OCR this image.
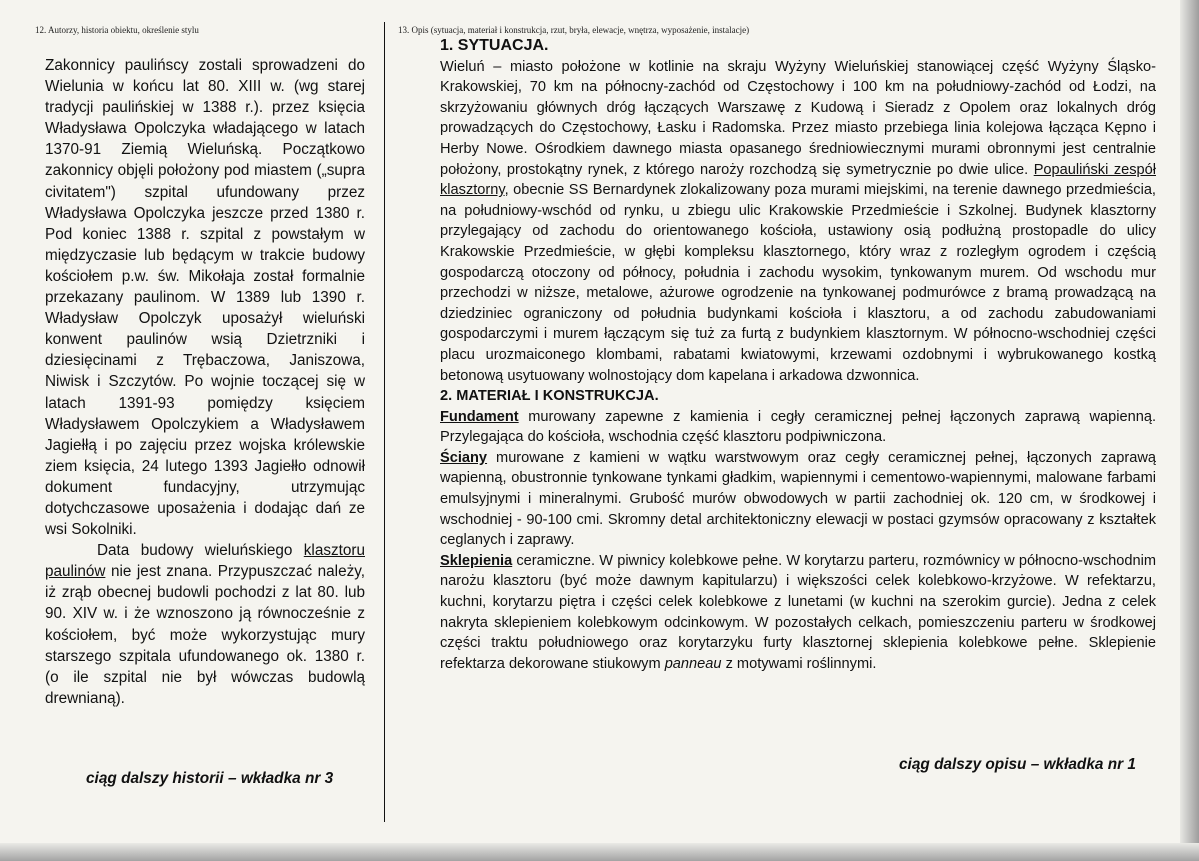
12. Autorzy, historia obiektu, określenie stylu	13. Opis (sytuacja, materiał i konstrukcja, rzut, bryła, elewacje, wnętrza, wyposażenie, instalacje)

Zakonnicy paulińscy zostali sprowadzeni do Wielunia w końcu lat 80. XIII w. (wg starej tradycji paulińskiej w 1388 r.). przez księcia Władysława Opolczyka władającego w latach 1370-91 Ziemią Wieluńską. Początkowo zakonnicy objęli położony pod miastem („supra civitatem") szpital ufundowany przez Władysława Opolczyka jeszcze przed 1380 r. Pod koniec 1388 r. szpital z powstałym w międzyczasie lub będącym w trakcie budowy kościołem p.w. św. Mikołaja został formalnie przekazany paulinom. W 1389 lub 1390 r. Władysław Opolczyk uposażył wieluński konwent paulinów wsią Dzietrzniki i dziesięcinami z Trębaczowa, Janiszowa, Niwisk i Szczytów. Po wojnie toczącej się w latach 1391-93 pomiędzy księciem Władysławem Opolczykiem a Władysławem Jagiełłą i po zajęciu przez wojska królewskie ziem księcia, 24 lutego 1393 Jagiełło odnowił dokument fundacyjny, utrzymując dotychczasowe uposażenia i dodając dań ze wsi Sokolniki.

Data budowy wieluńskiego klasztoru paulinów nie jest znana. Przypuszczać należy, iż zrąb obecnej budowli pochodzi z lat 80. lub 90. XIV w. i że wznoszono ją równocześnie z kościołem, być może wykorzystując mury starszego szpitala ufundowanego ok. 1380 r. (o ile szpital nie był wówczas budowlą drewnianą).

ciąg dalszy historii – wkładka nr 3

1. SYTUACJA.

Wieluń – miasto położone w kotlinie na skraju Wyżyny Wieluńskiej stanowiącej część Wyżyny Śląsko-Krakowskiej, 70 km na północny-zachód od Częstochowy i 100 km na południowy-zachód od Łodzi, na skrzyżowaniu głównych dróg łączących Warszawę z Kudową i Sieradz z Opolem oraz lokalnych dróg prowadzących do Częstochowy, Łasku i Radomska. Przez miasto przebiega linia kolejowa łącząca Kępno i Herby Nowe. Ośrodkiem dawnego miasta opasanego średniowiecznymi murami obronnymi jest centralnie położony, prostokątny rynek, z którego naroży rozchodzą się symetrycznie po dwie ulice. Popauliński zespół klasztorny, obecnie SS Bernardynek zlokalizowany poza murami miejskimi, na terenie dawnego przedmieścia, na południowy-wschód od rynku, u zbiegu ulic Krakowskie Przedmieście i Szkolnej. Budynek klasztorny przylegający od zachodu do orientowanego kościoła, ustawiony osią podłużną prostopadle do ulicy Krakowskie Przedmieście, w głębi kompleksu klasztornego, który wraz z rozległym ogrodem i częścią gospodarczą otoczony od północy, południa i zachodu wysokim, tynkowanym murem. Od wschodu mur przechodzi w niższe, metalowe, ażurowe ogrodzenie na tynkowanej podmurówce z bramą prowadzącą na dziedziniec ograniczony od południa budynkami kościoła i klasztoru, a od zachodu zabudowaniami gospodarczymi i murem łączącym się tuż za furtą z budynkiem klasztornym. W północno-wschodniej części placu urozmaiconego klombami, rabatami kwiatowymi, krzewami ozdobnymi i wybrukowanego kostką betonową usytuowany wolnostojący dom kapelana i arkadowa dzwonnica.

2. MATERIAŁ I KONSTRUKCJA.

Fundament murowany zapewne z kamienia i cegły ceramicznej pełnej łączonych zaprawą wapienną. Przylegająca do kościoła, wschodnia część klasztoru podpiwniczona.

Ściany murowane z kamieni w wątku warstwowym oraz cegły ceramicznej pełnej, łączonych zaprawą wapienną, obustronnie tynkowane tynkami gładkim, wapiennymi i cementowo-wapiennymi, malowane farbami emulsyjnymi i mineralnymi. Grubość murów obwodowych w partii zachodniej ok. 120 cm, w środkowej i wschodniej - 90-100 cmi. Skromny detal architektoniczny elewacji w postaci gzymsów opracowany z kształtek ceglanych i zaprawy.

Sklepienia ceramiczne. W piwnicy kolebkowe pełne. W korytarzu parteru, rozmównicy w północno-wschodnim narożu klasztoru (być może dawnym kapitularzu) i większości celek kolebkowo-krzyżowe. W refektarzu, kuchni, korytarzu piętra i części celek kolebkowe z lunetami (w kuchni na szerokim gurcie). Jedna z celek nakryta sklepieniem kolebkowym odcinkowym. W pozostałych celkach, pomieszczeniu parteru w środkowej części traktu południowego oraz korytarzyku furty klasztornej sklepienia kolebkowe pełne. Sklepienie refektarza dekorowane stiukowym panneau z motywami roślinnymi.

ciąg dalszy opisu – wkładka nr 1
